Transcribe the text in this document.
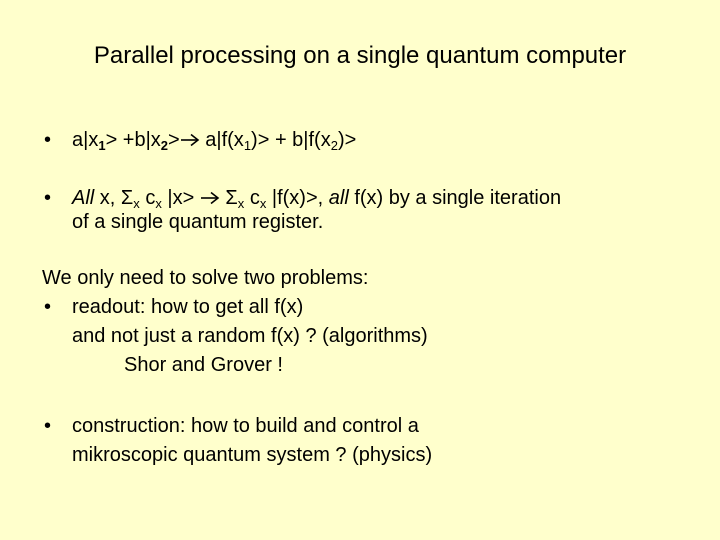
Parallel processing on a single quantum computer
•	$a|x_1> +b|x_2> a|f(x_1)> + b|f(x_2)>$
•	All x, $\Sigma_x$ $c_x$ $|x> \Sigma_x$ $c_x$ |f(x)>, all f(x) by a single iteration
of a single quantum register.
We only need to solve two problems:
•	readout: how to get all f(x)
and not just a random f(x) ? (algorithms)
Shor and Grover !
•	construction: how to build and control a
mikroscopic quantum system ? (physics)
